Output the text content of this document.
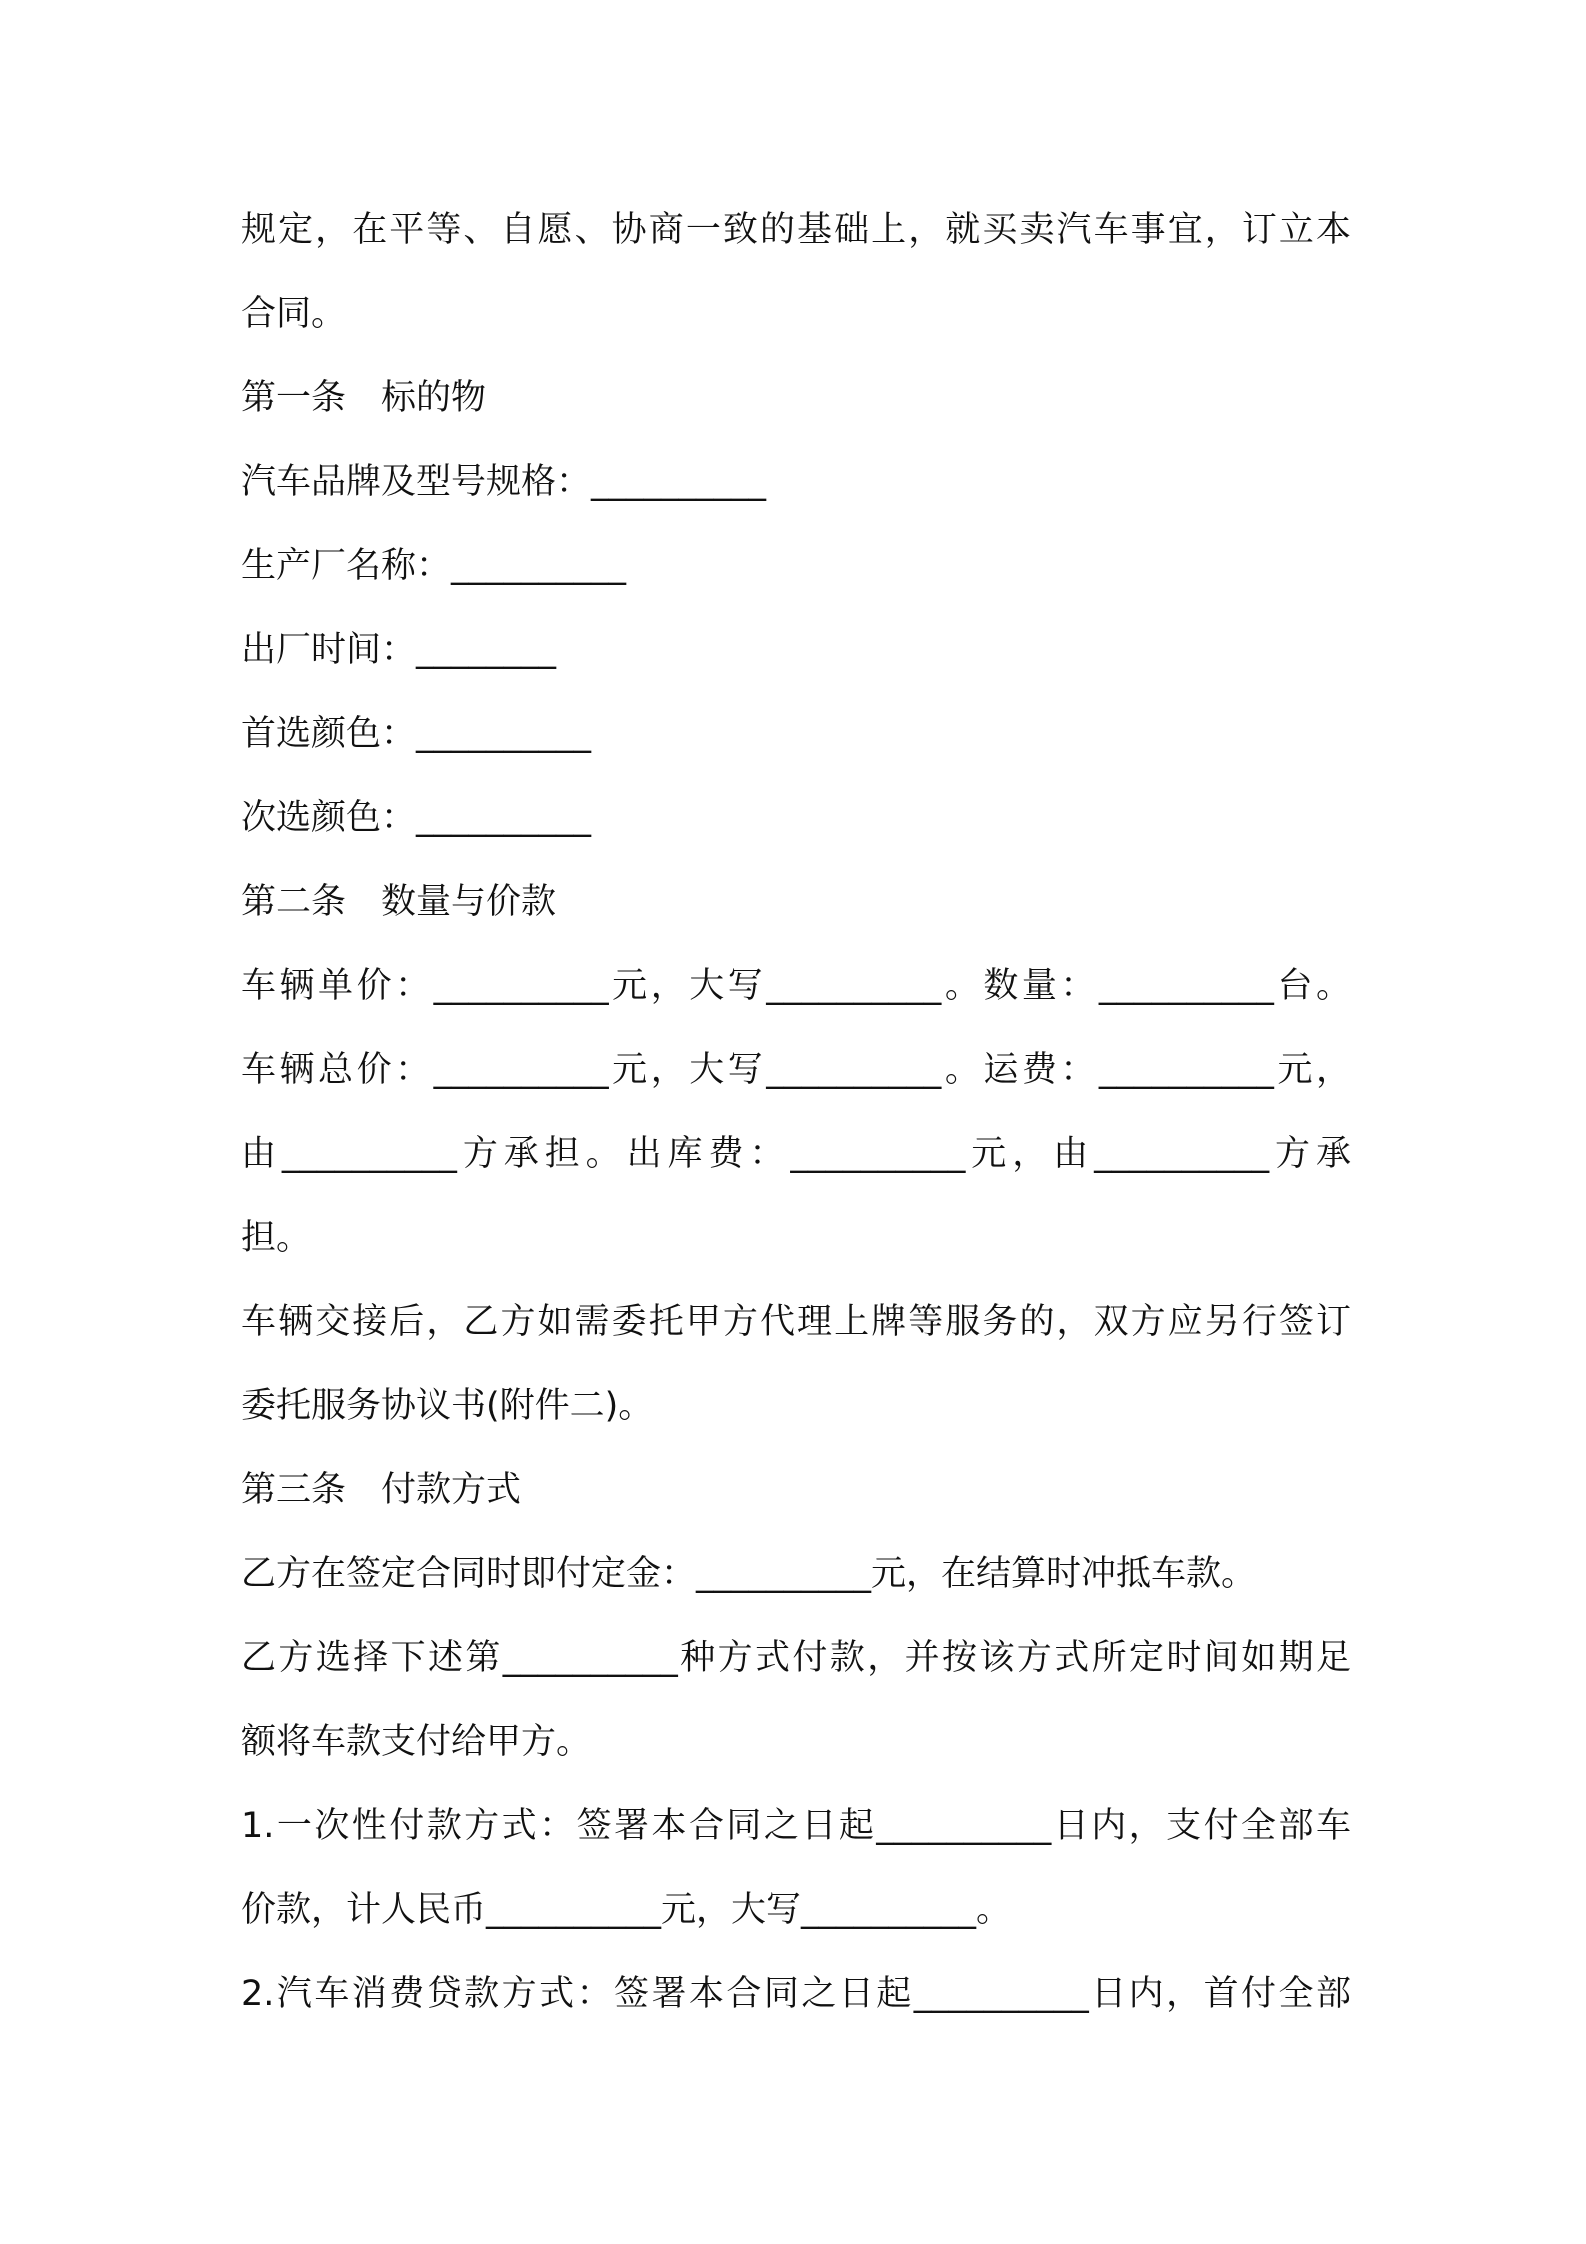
规定，在平等、自愿、协商一致的基础上，就买卖汽车事宜，订立本
合同。
第一条　标的物
汽车品牌及型号规格：__________
生产厂名称：__________
出厂时间：________
首选颜色：__________
次选颜色：__________
第二条　数量与价款
车辆单价：__________元，大写__________。数量：__________台。
车辆总价：__________元，大写__________。运费：__________元，
由__________方承担。出库费：__________元，由__________方承
担。
车辆交接后，乙方如需委托甲方代理上牌等服务的，双方应另行签订
委托服务协议书(附件二)。
第三条　付款方式
乙方在签定合同时即付定金：__________元，在结算时冲抵车款。
乙方选择下述第__________种方式付款，并按该方式所定时间如期足
额将车款支付给甲方。
1.一次性付款方式：签署本合同之日起__________日内，支付全部车
价款，计人民币__________元，大写__________。
2.汽车消费贷款方式：签署本合同之日起__________日内，首付全部
